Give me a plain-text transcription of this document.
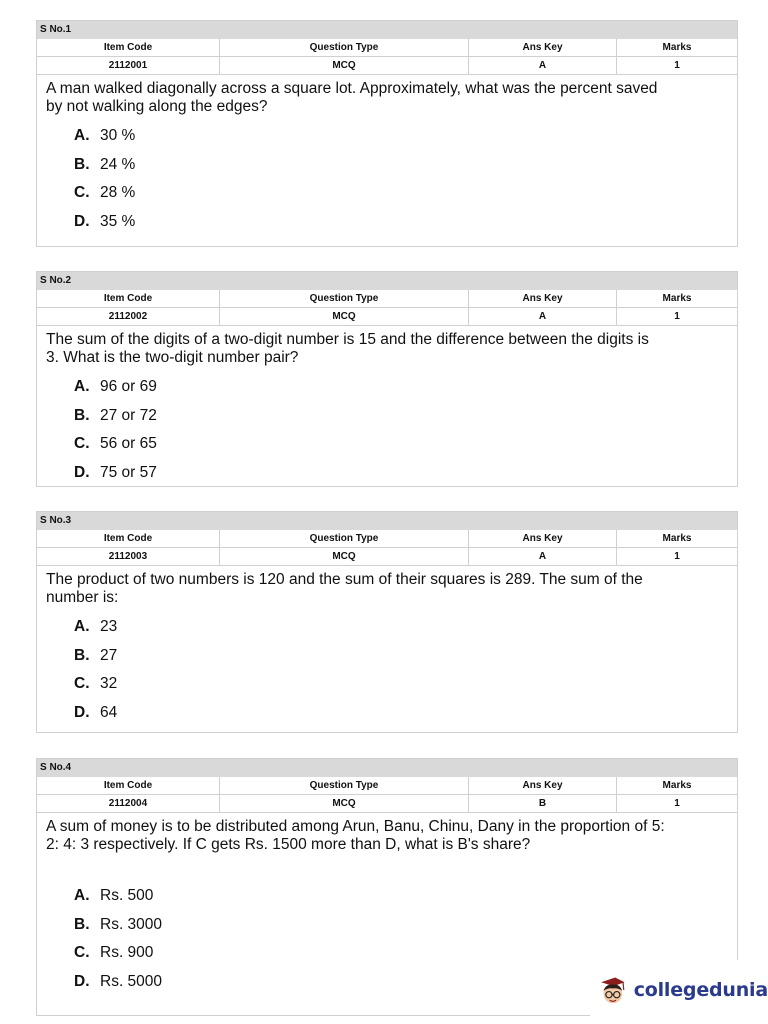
S No.1
Item Code	Question Type	Ans Key	Marks
2112001	MCQ	A	1
A man walked diagonally across a square lot. Approximately, what was the percent saved by not walking along the edges?
A. 30 %
B. 24 %
C. 28 %
D. 35 %
S No.2
Item Code	Question Type	Ans Key	Marks
2112002	MCQ	A	1
The sum of the digits of a two-digit number is 15 and the difference between the digits is 3. What is the two-digit number pair?
A. 96 or 69
B. 27 or 72
C. 56 or 65
D. 75 or 57
S No.3
Item Code	Question Type	Ans Key	Marks
2112003	MCQ	A	1
The product of two numbers is 120 and the sum of their squares is 289. The sum of the number is:
A. 23
B. 27
C. 32
D. 64
S No.4
Item Code	Question Type	Ans Key	Marks
2112004	MCQ	B	1
A sum of money is to be distributed among Arun, Banu, Chinu, Dany in the proportion of 5: 2: 4: 3 respectively. If C gets Rs. 1500 more than D, what is B's share?
A. Rs. 500
B. Rs. 3000
C. Rs. 900
D. Rs. 5000	collegedunia
